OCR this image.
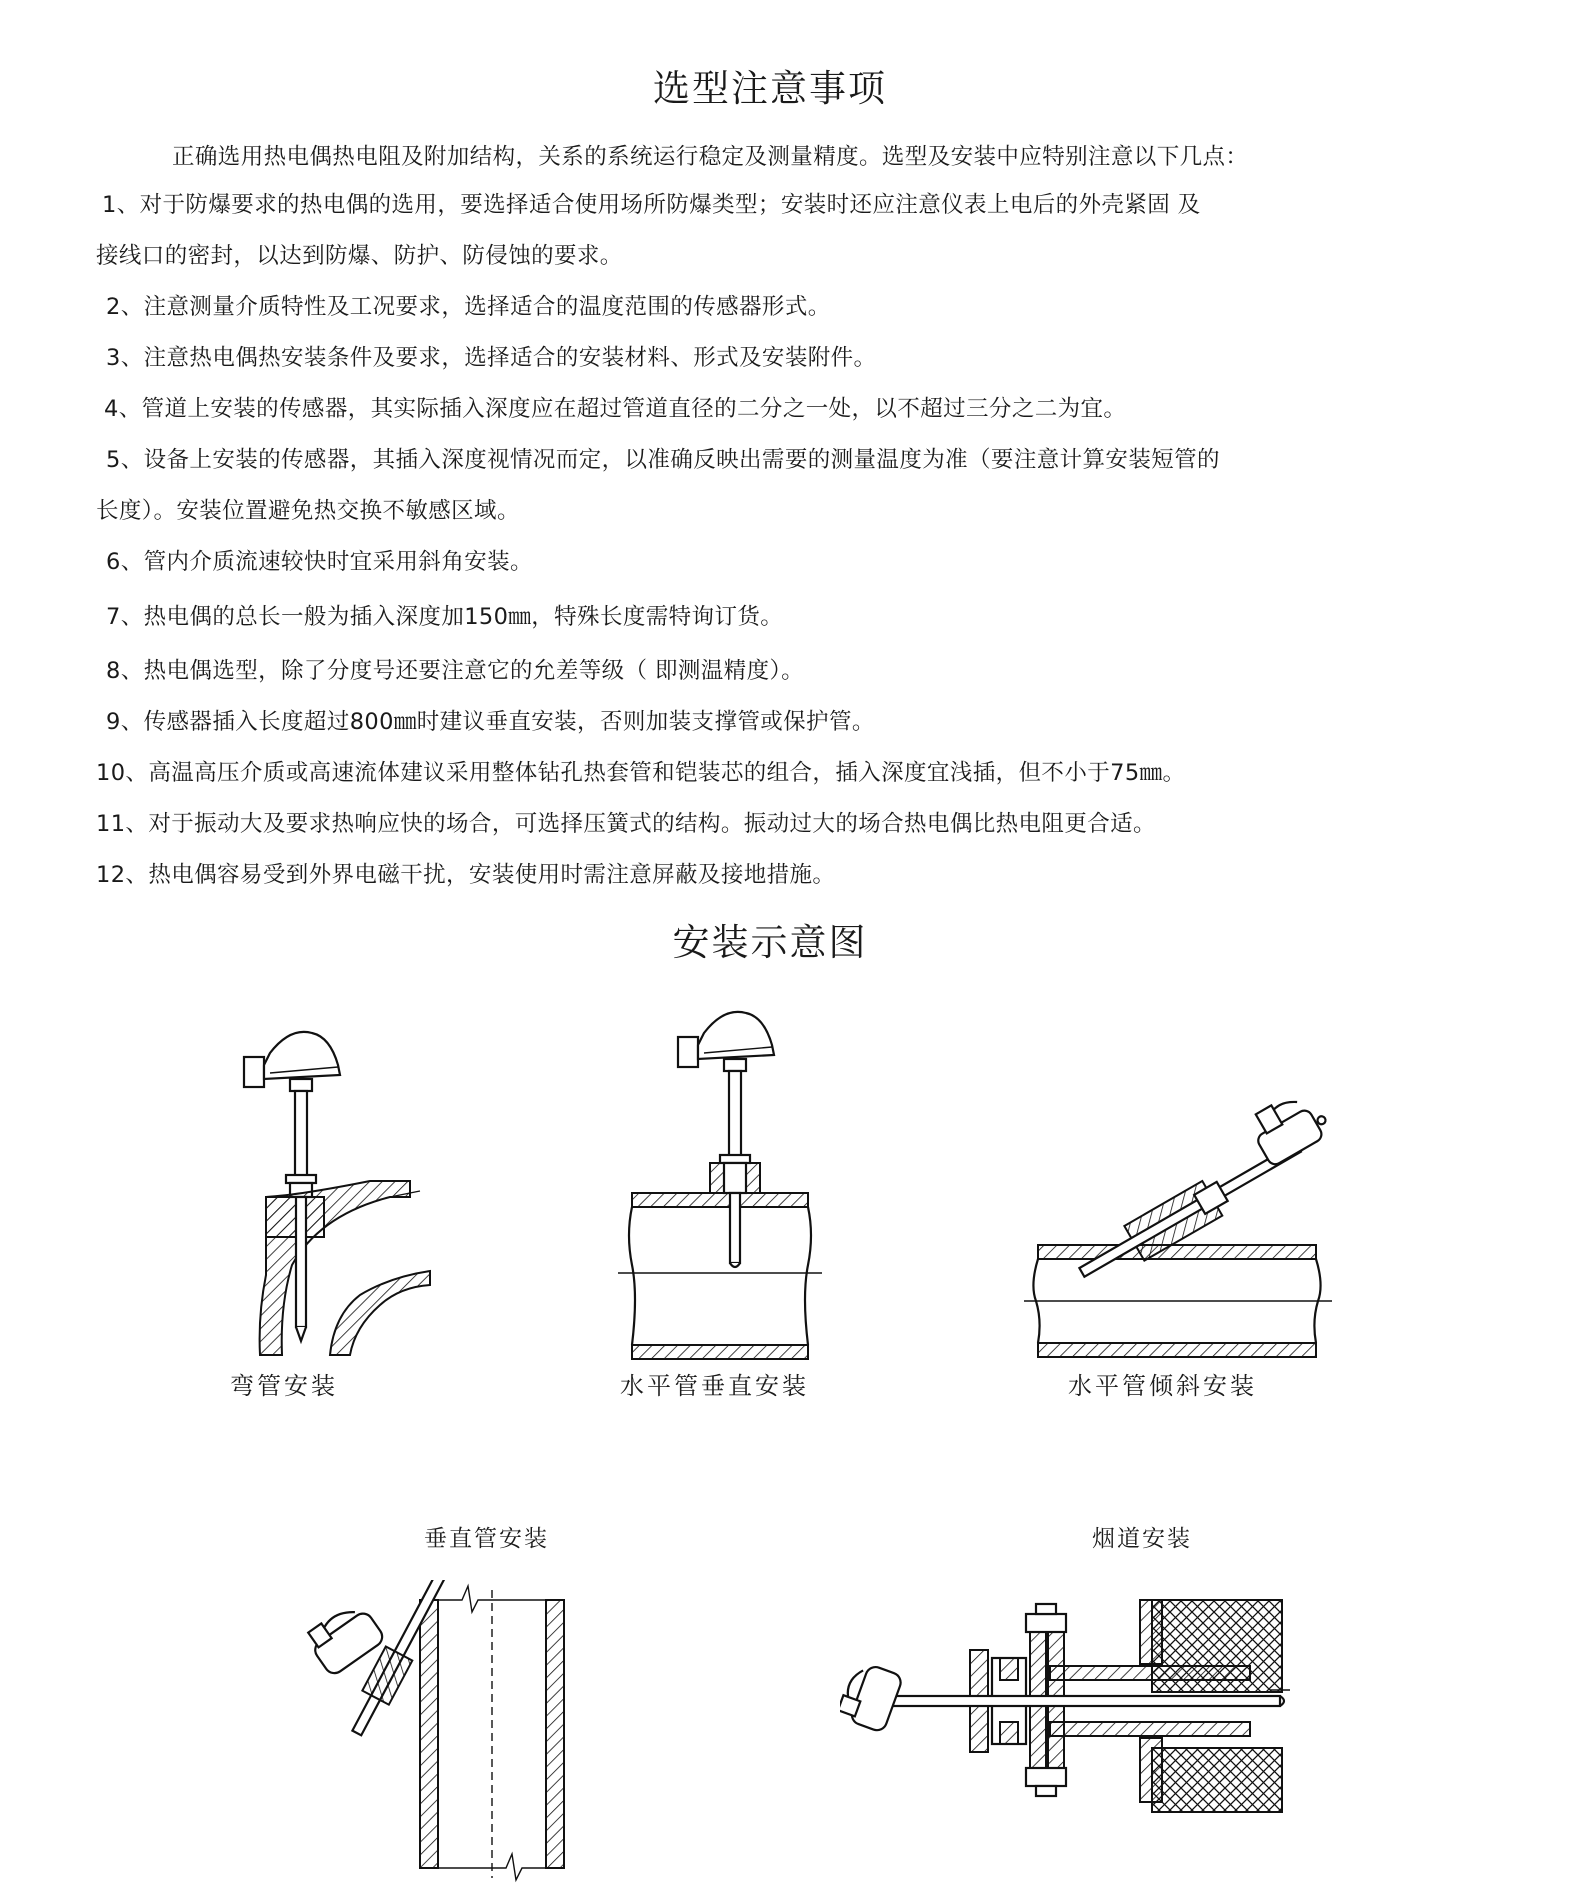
选型注意事项
正确选用热电偶热电阻及附加结构，关系的系统运行稳定及测量精度。选型及安装中应特别注意以下几点：
1、对于防爆要求的热电偶的选用，要选择适合使用场所防爆类型；安装时还应注意仪表上电后的外壳紧固 及
接线口的密封，以达到防爆、防护、防侵蚀的要求。
2、注意测量介质特性及工况要求，选择适合的温度范围的传感器形式。
3、注意热电偶热安装条件及要求，选择适合的安装材料、形式及安装附件。
4、管道上安装的传感器，其实际插入深度应在超过管道直径的二分之一处，以不超过三分之二为宜。
5、设备上安装的传感器，其插入深度视情况而定，以准确反映出需要的测量温度为准（要注意计算安装短管的
长度）。安装位置避免热交换不敏感区域。
6、管内介质流速较快时宜采用斜角安装。
7、热电偶的总长一般为插入深度加150㎜，特殊长度需特询订货。
8、热电偶选型，除了分度号还要注意它的允差等级（ 即测温精度）。
9、传感器插入长度超过800㎜时建议垂直安装，否则加装支撑管或保护管。
10、高温高压介质或高速流体建议采用整体钻孔热套管和铠装芯的组合，插入深度宜浅插，但不小于75㎜。
11、对于振动大及要求热响应快的场合，可选择压簧式的结构。振动过大的场合热电偶比热电阻更合适。
12、热电偶容易受到外界电磁干扰，安装使用时需注意屏蔽及接地措施。
安装示意图
弯管安装	水平管垂直安装	水平管倾斜安装
垂直管安装	烟道安装
